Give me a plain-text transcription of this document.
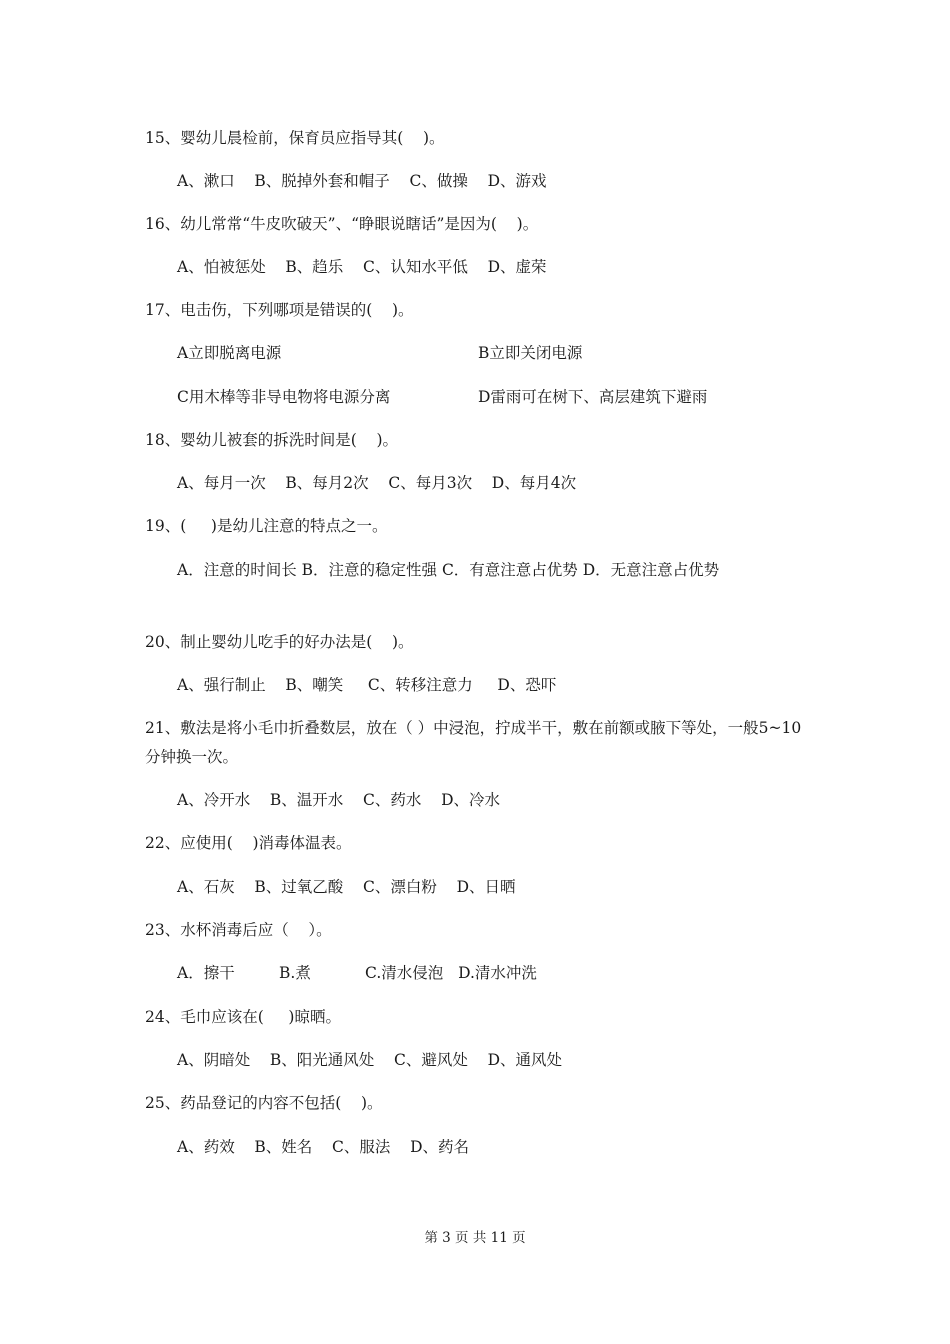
15、婴幼儿晨检前，保育员应指导其(    )。
A、漱口    B、脱掉外套和帽子    C、做操    D、游戏
16、幼儿常常“牛皮吹破天”、“睁眼说瞎话”是因为(    )。
A、怕被惩处    B、趋乐    C、认知水平低    D、虚荣
17、电击伤，下列哪项是错误的(    )。
A立即脱离电源	B立即关闭电源
C用木棒等非导电物将电源分离	D雷雨可在树下、高层建筑下避雨
18、婴幼儿被套的拆洗时间是(    )。
A、每月一次    B、每月2次    C、每月3次    D、每月4次
19、(     )是幼儿注意的特点之一。
A．注意的时间长 B．注意的稳定性强 C．有意注意占优势 D．无意注意占优势
20、制止婴幼儿吃手的好办法是(    )。
A、强行制止    B、嘲笑     C、转移注意力     D、恐吓
21、敷法是将小毛巾折叠数层，放在（ ）中浸泡，拧成半干，敷在前额或腋下等处，一般5~10分钟换一次。
A、冷开水    B、温开水    C、药水    D、冷水
22、应使用(    )消毒体温表。
A、石灰    B、过氧乙酸    C、漂白粉    D、日晒
23、水杯消毒后应（    ）。
A．擦干         B.煮           C.清水侵泡   D.清水冲洗
24、毛巾应该在(     )晾晒。
A、阴暗处    B、阳光通风处    C、避风处    D、通风处
25、药品登记的内容不包括(    )。
A、药效    B、姓名    C、服法    D、药名
第 3 页 共 11 页
